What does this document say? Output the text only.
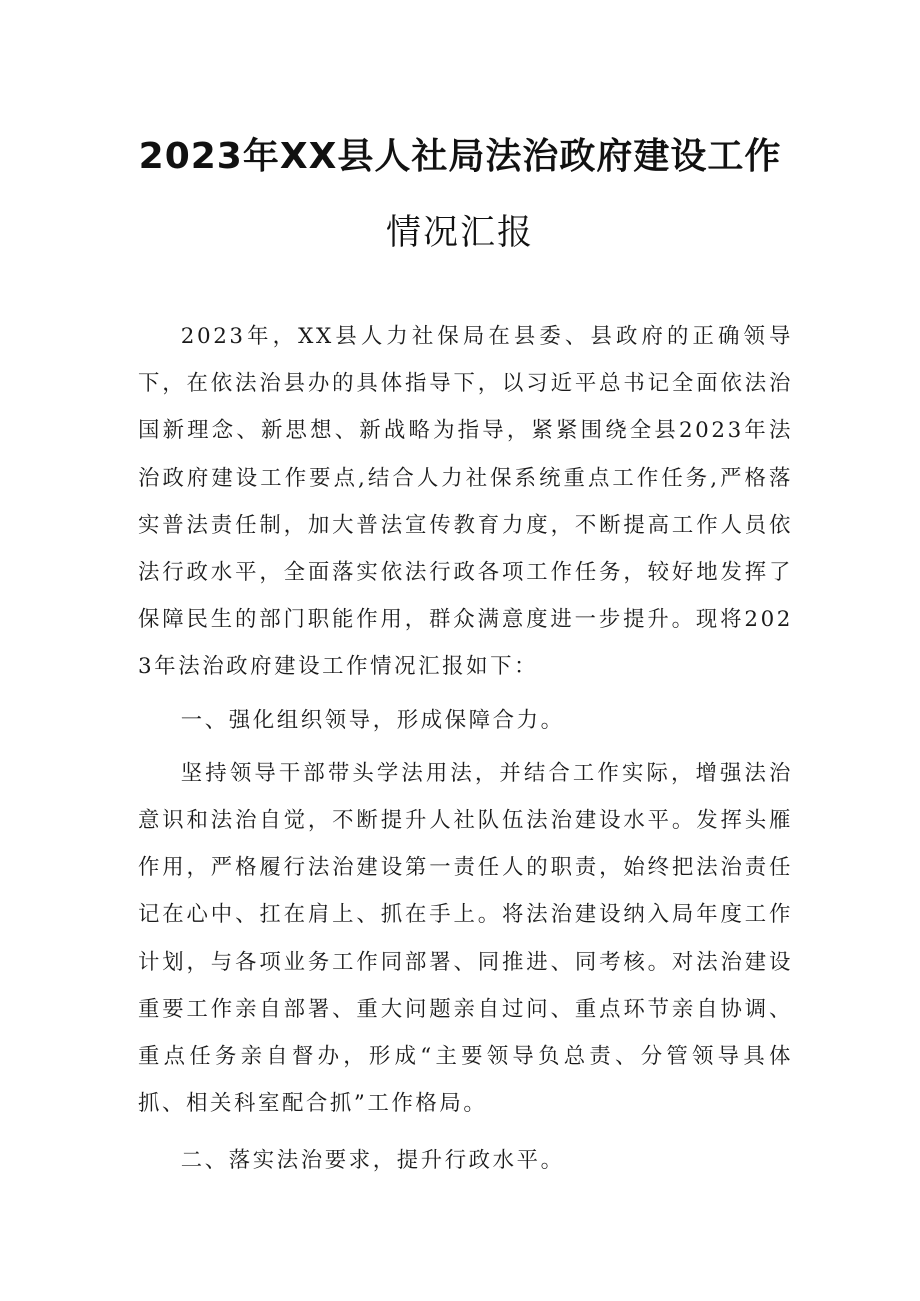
2023年XX县人社局法治政府建设工作
情况汇报

2023年，XX县人力社保局在县委、县政府的正确领导下，在依法治县办的具体指导下，以习近平总书记全面依法治国新理念、新思想、新战略为指导，紧紧围绕全县2023年法治政府建设工作要点,结合人力社保系统重点工作任务,严格落实普法责任制，加大普法宣传教育力度，不断提高工作人员依法行政水平，全面落实依法行政各项工作任务，较好地发挥了保障民生的部门职能作用，群众满意度进一步提升。现将2023年法治政府建设工作情况汇报如下：

一、强化组织领导，形成保障合力。

坚持领导干部带头学法用法，并结合工作实际，增强法治意识和法治自觉，不断提升人社队伍法治建设水平。发挥头雁作用，严格履行法治建设第一责任人的职责，始终把法治责任记在心中、扛在肩上、抓在手上。将法治建设纳入局年度工作计划，与各项业务工作同部署、同推进、同考核。对法治建设重要工作亲自部署、重大问题亲自过问、重点环节亲自协调、重点任务亲自督办，形成“主要领导负总责、分管领导具体抓、相关科室配合抓”工作格局。

二、落实法治要求，提升行政水平。
